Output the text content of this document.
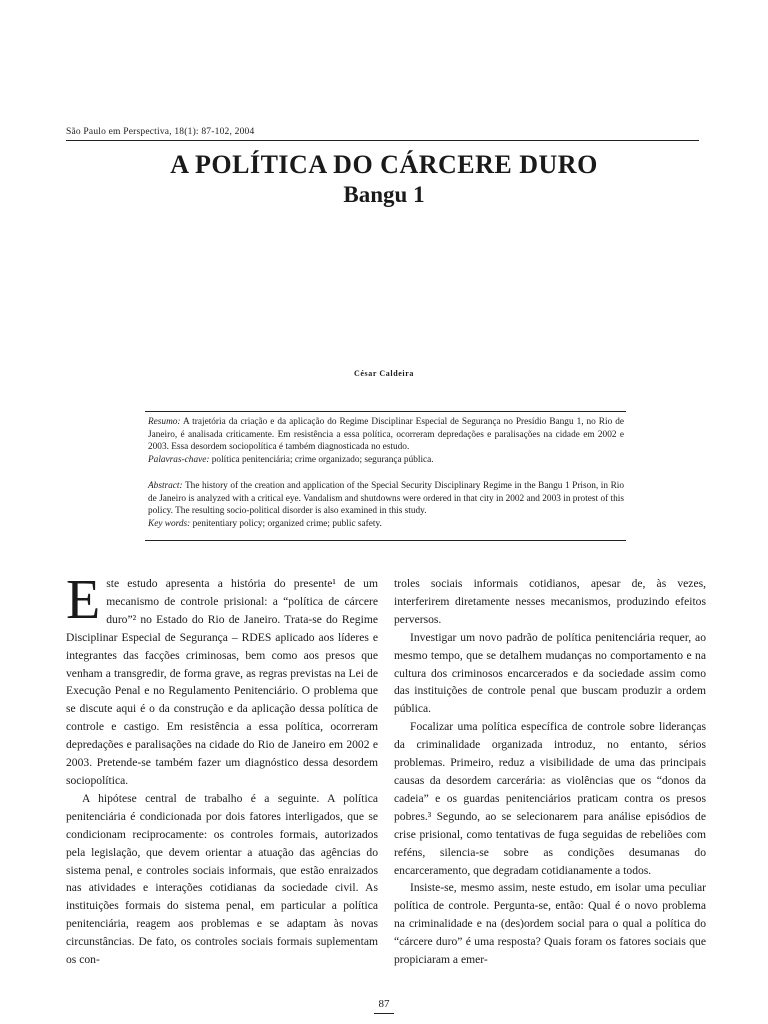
São Paulo em Perspectiva, 18(1): 87-102, 2004
A POLÍTICA DO CÁRCERE DURO
Bangu 1
César Caldeira
Resumo: A trajetória da criação e da aplicação do Regime Disciplinar Especial de Segurança no Presídio Bangu 1, no Rio de Janeiro, é analisada criticamente. Em resistência a essa política, ocorreram depredações e paralisações na cidade em 2002 e 2003. Essa desordem sociopolítica é também diagnosticada no estudo.
Palavras-chave: política penitenciária; crime organizado; segurança pública.
Abstract: The history of the creation and application of the Special Security Disciplinary Regime in the Bangu 1 Prison, in Rio de Janeiro is analyzed with a critical eye. Vandalism and shutdowns were ordered in that city in 2002 and 2003 in protest of this policy. The resulting socio-political disorder is also examined in this study.
Key words: penitentiary policy; organized crime; public safety.

Este estudo apresenta a história do presente¹ de um mecanismo de controle prisional: a “política de cárcere duro”² no Estado do Rio de Janeiro. Trata-se do Regime Disciplinar Especial de Segurança – RDES aplicado aos líderes e integrantes das facções criminosas, bem como aos presos que venham a transgredir, de forma grave, as regras previstas na Lei de Execução Penal e no Regulamento Penitenciário. O problema que se discute aqui é o da construção e da aplicação dessa política de controle e castigo. Em resistência a essa política, ocorreram depredações e paralisações na cidade do Rio de Janeiro em 2002 e 2003. Pretende-se também fazer um diagnóstico dessa desordem sociopolítica.

A hipótese central de trabalho é a seguinte. A política penitenciária é condicionada por dois fatores interligados, que se condicionam reciprocamente: os controles formais, autorizados pela legislação, que devem orientar a atuação das agências do sistema penal, e controles sociais informais, que estão enraizados nas atividades e interações cotidianas da sociedade civil. As instituições formais do sistema penal, em particular a política penitenciária, reagem aos problemas e se adaptam às novas circunstâncias. De fato, os controles sociais formais suplementam os con-

troles sociais informais cotidianos, apesar de, às vezes, interferirem diretamente nesses mecanismos, produzindo efeitos perversos.

Investigar um novo padrão de política penitenciária requer, ao mesmo tempo, que se detalhem mudanças no comportamento e na cultura dos criminosos encarcerados e da sociedade assim como das instituições de controle penal que buscam produzir a ordem pública.

Focalizar uma política específica de controle sobre lideranças da criminalidade organizada introduz, no entanto, sérios problemas. Primeiro, reduz a visibilidade de uma das principais causas da desordem carcerária: as violências que os “donos da cadeia” e os guardas penitenciários praticam contra os presos pobres.³ Segundo, ao se selecionarem para análise episódios de crise prisional, como tentativas de fuga seguidas de rebeliões com reféns, silencia-se sobre as condições desumanas do encarceramento, que degradam cotidianamente a todos.

Insiste-se, mesmo assim, neste estudo, em isolar uma peculiar política de controle. Pergunta-se, então: Qual é o novo problema na criminalidade e na (des)ordem social para o qual a política do “cárcere duro” é uma resposta? Quais foram os fatores sociais que propiciaram a emer-

87
